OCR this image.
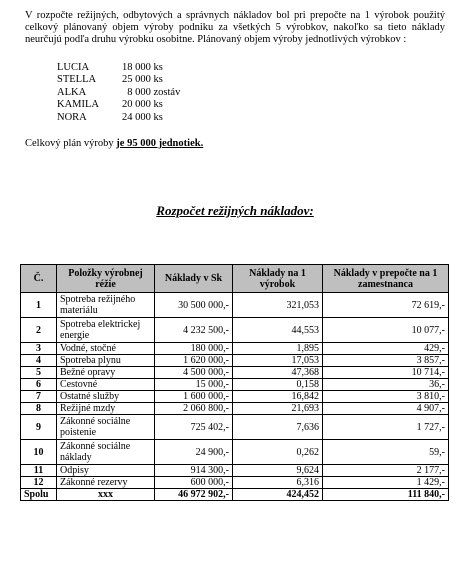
V rozpočte režijných, odbytových a správnych nákladov bol pri prepočte na 1 výrobok použitý celkový plánovaný objem výroby podniku za všetkých 5 výrobkov, nakoľko sa tieto náklady neurčujú podľa druhu výrobku osobitne. Plánovaný objem výroby jednotlivých výrobkov :
LUCIA	18 000 ks
STELLA	25 000 ks
ALKA	8 000 zostáv
KAMILA	20 000 ks
NORA	24 000 ks
Celkový plán výroby je 95 000 jednotiek.
Rozpočet režijných nákladov:
Č.	Položky výrobnej réžie	Náklady v Sk	Náklady na 1 výrobok	Náklady v prepočte na 1 zamestnanca
1	Spotreba režijného materiálu	30 500 000,-	321,053	72 619,-
2	Spotreba elektrickej energie	4 232 500,-	44,553	10 077,-
3	Vodné, stočné	180 000,-	1,895	429,-
4	Spotreba plynu	1 620 000,-	17,053	3 857,-
5	Bežné opravy	4 500 000,-	47,368	10 714,-
6	Cestovné	15 000,-	0,158	36,-
7	Ostatné služby	1 600 000,-	16,842	3 810,-
8	Režijné mzdy	2 060 800,-	21,693	4 907,-
9	Zákonné sociálne poistenie	725 402,-	7,636	1 727,-
10	Zákonné sociálne náklady	24 900,-	0,262	59,-
11	Odpisy	914 300,-	9,624	2 177,-
12	Zákonné rezervy	600 000,-	6,316	1 429,-
Spolu	xxx	46 972 902,-	424,452	111 840,-
